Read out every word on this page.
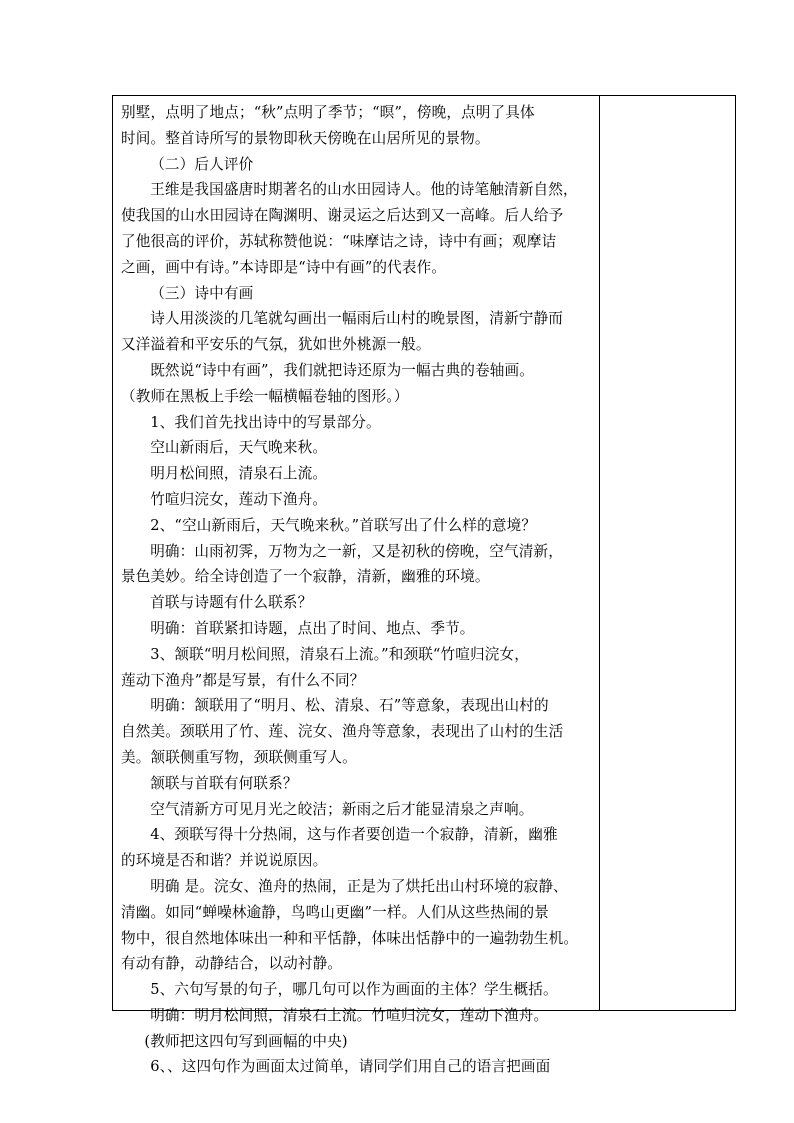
别墅，点明了地点；“秋”点明了季节；“暝”，傍晚，点明了具体

时间。整首诗所写的景物即秋天傍晚在山居所见的景物。

（二）后人评价

王维是我国盛唐时期著名的山水田园诗人。他的诗笔触清新自然，

使我国的山水田园诗在陶渊明、谢灵运之后达到又一高峰。后人给予

了他很高的评价，苏轼称赞他说：“味摩诘之诗，诗中有画；观摩诘

之画，画中有诗。”本诗即是“诗中有画”的代表作。

（三）诗中有画

诗人用淡淡的几笔就勾画出一幅雨后山村的晚景图，清新宁静而

又洋溢着和平安乐的气氛，犹如世外桃源一般。

既然说“诗中有画”，我们就把诗还原为一幅古典的卷轴画。

（教师在黑板上手绘一幅横幅卷轴的图形。）

1、我们首先找出诗中的写景部分。

空山新雨后，天气晚来秋。

明月松间照，清泉石上流。

竹喧归浣女，莲动下渔舟。

2、“空山新雨后，天气晚来秋。”首联写出了什么样的意境？

明确：山雨初霁，万物为之一新，又是初秋的傍晚，空气清新，

景色美妙。给全诗创造了一个寂静，清新，幽雅的环境。

首联与诗题有什么联系？

明确：首联紧扣诗题，点出了时间、地点、季节。

3、颔联“明月松间照，清泉石上流。”和颈联“竹喧归浣女，

莲动下渔舟”都是写景，有什么不同？

明确：颔联用了“明月、松、清泉、石”等意象，表现出山村的

自然美。颈联用了竹、莲、浣女、渔舟等意象，表现出了山村的生活

美。颔联侧重写物，颈联侧重写人。

颔联与首联有何联系？

空气清新方可见月光之皎洁；新雨之后才能显清泉之声响。

4、颈联写得十分热闹，这与作者要创造一个寂静，清新，幽雅

的环境是否和谐？并说说原因。

明确 是。浣女、渔舟的热闹，正是为了烘托出山村环境的寂静、

清幽。如同“蝉噪林逾静，鸟鸣山更幽”一样。人们从这些热闹的景

物中，很自然地体味出一种和平恬静，体味出恬静中的一遍勃勃生机。

有动有静，动静结合，以动衬静。

5、六句写景的句子，哪几句可以作为画面的主体？学生概括。

明确：明月松间照，清泉石上流。竹喧归浣女，莲动下渔舟。

(教师把这四句写到画幅的中央)

6、、这四句作为画面太过简单，请同学们用自己的语言把画面
